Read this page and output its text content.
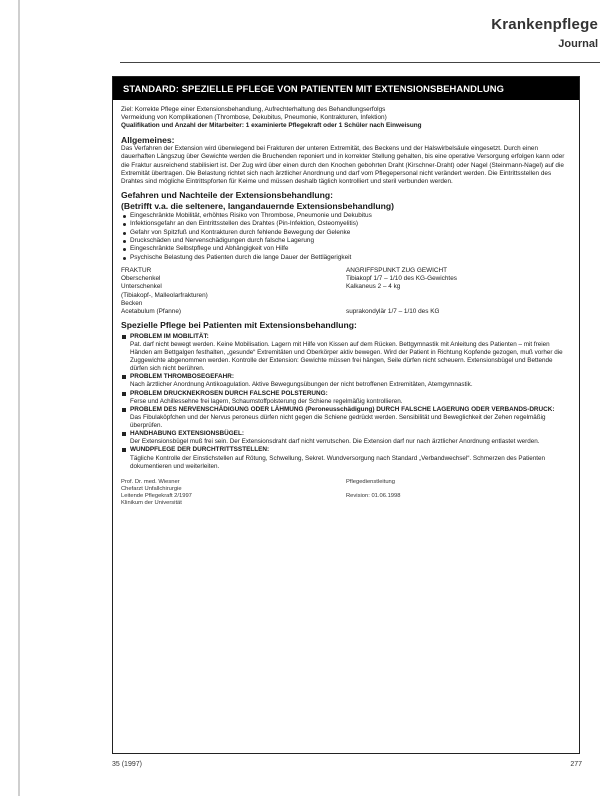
Krankenpflege
Journal
STANDARD: SPEZIELLE PFLEGE VON PATIENTEN MIT EXTENSIONSBEHANDLUNG

Ziel: Korrekte Pflege einer Extensionsbehandlung, Aufrechterhaltung des Behandlungserfolgs

Vermeidung von Komplikationen (Thrombose, Dekubitus, Pneumonie, Kontrakturen, Infektion)

Qualifikation und Anzahl der Mitarbeiter: 1 examinierte Pflegekraft oder 1 Schüler nach Einweisung

Allgemeines:

Das Verfahren der Extension wird überwiegend bei Frakturen der unteren Extremität, des Beckens und der Halswirbelsäule eingesetzt. Durch einen dauerhaften Längszug über Gewichte werden die Bruchenden reponiert und in korrekter Stellung gehalten, bis eine operative Versorgung erfolgen kann oder die Fraktur ausreichend stabilisiert ist. Der Zug wird über einen durch den Knochen gebohrten Draht (Kirschner-Draht) oder Nagel (Steinmann-Nagel) auf die Extremität übertragen. Die Belastung richtet sich nach ärztlicher Anordnung und darf vom Pflegepersonal nicht verändert werden. Die Eintrittsstellen des Drahtes sind mögliche Eintrittspforten für Keime und müssen deshalb täglich kontrolliert und steril verbunden werden.

Gefahren und Nachteile der Extensionsbehandlung:
(Betrifft v.a. die seltenere, langandauernde Extensionsbehandlung)
Eingeschränkte Mobilität, erhöhtes Risiko von Thrombose, Pneumonie und Dekubitus
Infektionsgefahr an den Eintrittsstellen des Drahtes (Pin-Infektion, Osteomyelitis)
Gefahr von Spitzfuß und Kontrakturen durch fehlende Bewegung der Gelenke
Druckschäden und Nervenschädigungen durch falsche Lagerung
Eingeschränkte Selbstpflege und Abhängigkeit von Hilfe
Psychische Belastung des Patienten durch die lange Dauer der Bettlägerigkeit
FRAKTUR
Oberschenkel
Unterschenkel
(Tibiakopf-, Malleolarfrakturen)
Becken
Acetabulum (Pfanne)
ANGRIFFSPUNKT ZUG GEWICHT
Tibiakopf 1/7 – 1/10 des KG-Gewichtes
Kalkaneus 2 – 4 kg

suprakondylär 1/7 – 1/10 des KG
Spezielle Pflege bei Patienten mit Extensionsbehandlung:
PROBLEM IM MOBILITÄT:
Pat. darf nicht bewegt werden. Keine Mobilisation. Lagern mit Hilfe von Kissen auf dem Rücken. Bettgymnastik mit Anleitung des Patienten – mit freien Händen am Bettgalgen festhalten, „gesunde“ Extremitäten und Oberkörper aktiv bewegen. Wird der Patient in Richtung Kopfende gezogen, muß vorher die Zuggewichte abgenommen werden. Kontrolle der Extension: Gewichte müssen frei hängen, Seile dürfen nicht scheuern. Extensionsbügel und Bettende dürfen sich nicht berühren.
PROBLEM THROMBOSEGEFAHR:
Nach ärztlicher Anordnung Antikoagulation. Aktive Bewegungsübungen der nicht betroffenen Extremitäten, Atemgymnastik.
PROBLEM DRUCKNEKROSEN DURCH FALSCHE POLSTERUNG:
Ferse und Achillessehne frei lagern, Schaumstoffpolsterung der Schiene regelmäßig kontrollieren.
PROBLEM DES NERVENSCHÄDIGUNG ODER LÄHMUNG (Peroneusschädigung) DURCH FALSCHE LAGERUNG ODER VERBANDS-DRUCK:
Das Fibulaköpfchen und der Nervus peroneus dürfen nicht gegen die Schiene gedrückt werden. Sensibilität und Beweglichkeit der Zehen regelmäßig überprüfen.
HANDHABUNG EXTENSIONSBÜGEL:
Der Extensionsbügel muß frei sein. Der Extensionsdraht darf nicht verrutschen. Die Extension darf nur nach ärztlicher Anordnung entlastet werden.
WUNDPFLEGE DER DURCHTRITTSSTELLEN:
Tägliche Kontrolle der Einstichstellen auf Rötung, Schwellung, Sekret. Wundversorgung nach Standard „Verbandwechsel“. Schmerzen des Patienten dokumentieren und weiterleiten.
Prof. Dr. med. Wiesner
Chefarzt Unfallchirurgie
Leitende Pflegekraft 2/1997
Klinikum der Universität
Pflegedienstleitung

Revision: 01.06.1998
35 (1997)	277
